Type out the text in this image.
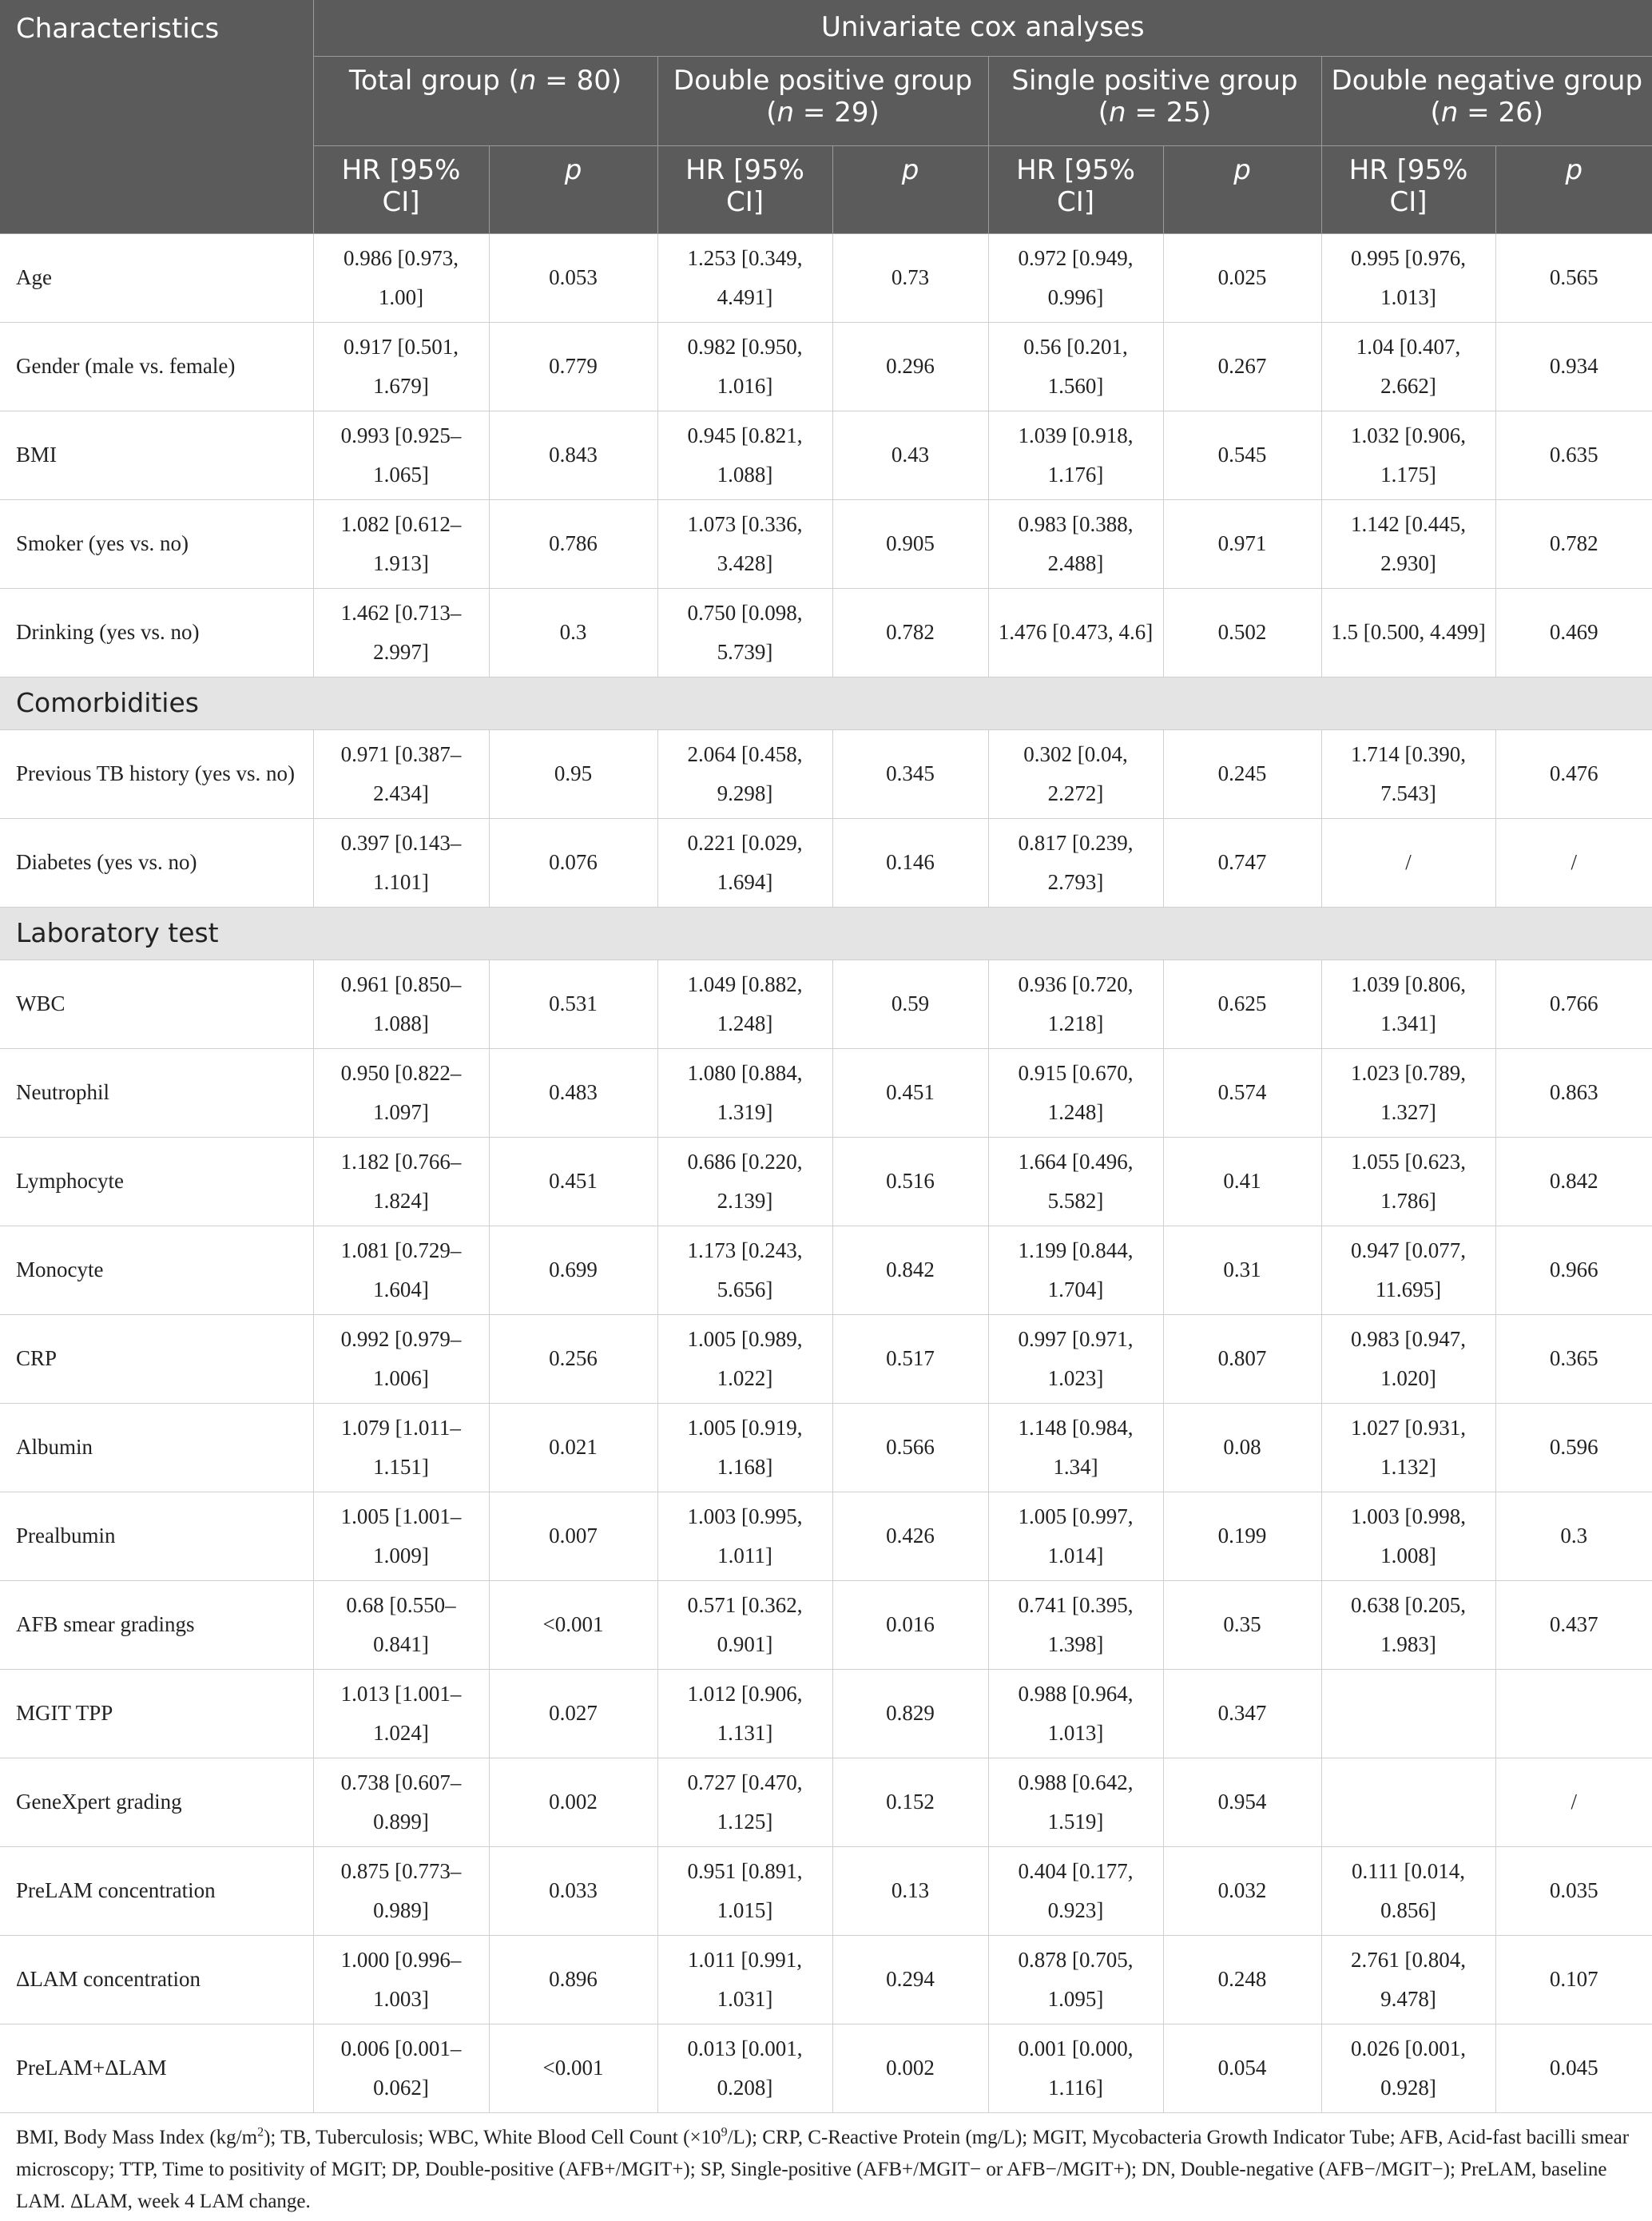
Characteristics	Univariate cox analyses							
	Total group (n = 80)		Double positive group (n = 29)		Single positive group (n = 25)		Double negative group (n = 26)	
	HR [95% CI]	p	HR [95% CI]	p	HR [95% CI]	p	HR [95% CI]	p
Age	0.986 [0.973, 1.00]	0.053	1.253 [0.349, 4.491]	0.73	0.972 [0.949, 0.996]	0.025	0.995 [0.976, 1.013]	0.565
Gender (male vs. female)	0.917 [0.501, 1.679]	0.779	0.982 [0.950, 1.016]	0.296	0.56 [0.201, 1.560]	0.267	1.04 [0.407, 2.662]	0.934
BMI	0.993 [0.925–1.065]	0.843	0.945 [0.821, 1.088]	0.43	1.039 [0.918, 1.176]	0.545	1.032 [0.906, 1.175]	0.635
Smoker (yes vs. no)	1.082 [0.612–1.913]	0.786	1.073 [0.336, 3.428]	0.905	0.983 [0.388, 2.488]	0.971	1.142 [0.445, 2.930]	0.782
Drinking (yes vs. no)	1.462 [0.713–2.997]	0.3	0.750 [0.098, 5.739]	0.782	1.476 [0.473, 4.6]	0.502	1.5 [0.500, 4.499]	0.469
Comorbidities								
Previous TB history (yes vs. no)	0.971 [0.387–2.434]	0.95	2.064 [0.458, 9.298]	0.345	0.302 [0.04, 2.272]	0.245	1.714 [0.390, 7.543]	0.476
Diabetes (yes vs. no)	0.397 [0.143–1.101]	0.076	0.221 [0.029, 1.694]	0.146	0.817 [0.239, 2.793]	0.747	/	/
Laboratory test								
WBC	0.961 [0.850–1.088]	0.531	1.049 [0.882, 1.248]	0.59	0.936 [0.720, 1.218]	0.625	1.039 [0.806, 1.341]	0.766
Neutrophil	0.950 [0.822–1.097]	0.483	1.080 [0.884, 1.319]	0.451	0.915 [0.670, 1.248]	0.574	1.023 [0.789, 1.327]	0.863
Lymphocyte	1.182 [0.766–1.824]	0.451	0.686 [0.220, 2.139]	0.516	1.664 [0.496, 5.582]	0.41	1.055 [0.623, 1.786]	0.842
Monocyte	1.081 [0.729–1.604]	0.699	1.173 [0.243, 5.656]	0.842	1.199 [0.844, 1.704]	0.31	0.947 [0.077, 11.695]	0.966
CRP	0.992 [0.979–1.006]	0.256	1.005 [0.989, 1.022]	0.517	0.997 [0.971, 1.023]	0.807	0.983 [0.947, 1.020]	0.365
Albumin	1.079 [1.011–1.151]	0.021	1.005 [0.919, 1.168]	0.566	1.148 [0.984, 1.34]	0.08	1.027 [0.931, 1.132]	0.596
Prealbumin	1.005 [1.001–1.009]	0.007	1.003 [0.995, 1.011]	0.426	1.005 [0.997, 1.014]	0.199	1.003 [0.998, 1.008]	0.3
AFB smear gradings	0.68 [0.550–0.841]	<0.001	0.571 [0.362, 0.901]	0.016	0.741 [0.395, 1.398]	0.35	0.638 [0.205, 1.983]	0.437
MGIT TPP	1.013 [1.001–1.024]	0.027	1.012 [0.906, 1.131]	0.829	0.988 [0.964, 1.013]	0.347		
GeneXpert grading	0.738 [0.607–0.899]	0.002	0.727 [0.470, 1.125]	0.152	0.988 [0.642, 1.519]	0.954		/
PreLAM concentration	0.875 [0.773–0.989]	0.033	0.951 [0.891, 1.015]	0.13	0.404 [0.177, 0.923]	0.032	0.111 [0.014, 0.856]	0.035
ΔLAM concentration	1.000 [0.996–1.003]	0.896	1.011 [0.991, 1.031]	0.294	0.878 [0.705, 1.095]	0.248	2.761 [0.804, 9.478]	0.107
PreLAM+ΔLAM	0.006 [0.001–0.062]	<0.001	0.013 [0.001, 0.208]	0.002	0.001 [0.000, 1.116]	0.054	0.026 [0.001, 0.928]	0.045
BMI, Body Mass Index $(kg/m^2)$; TB, Tuberculosis; WBC, White Blood Cell Count $(\times 10^9/L)$; CRP, C-Reactive Protein (mg/L); MGIT, Mycobacteria Growth Indicator Tube; AFB, Acid-fast bacilli smear microscopy; TTP, Time to positivity of MGIT; DP, Double-positive (AFB+/MGIT+); SP, Single-positive (AFB+/MGIT− or AFB−/MGIT+); DN, Double-negative (AFB−/MGIT−); PreLAM, baseline LAM. ΔLAM, week 4 LAM change.
